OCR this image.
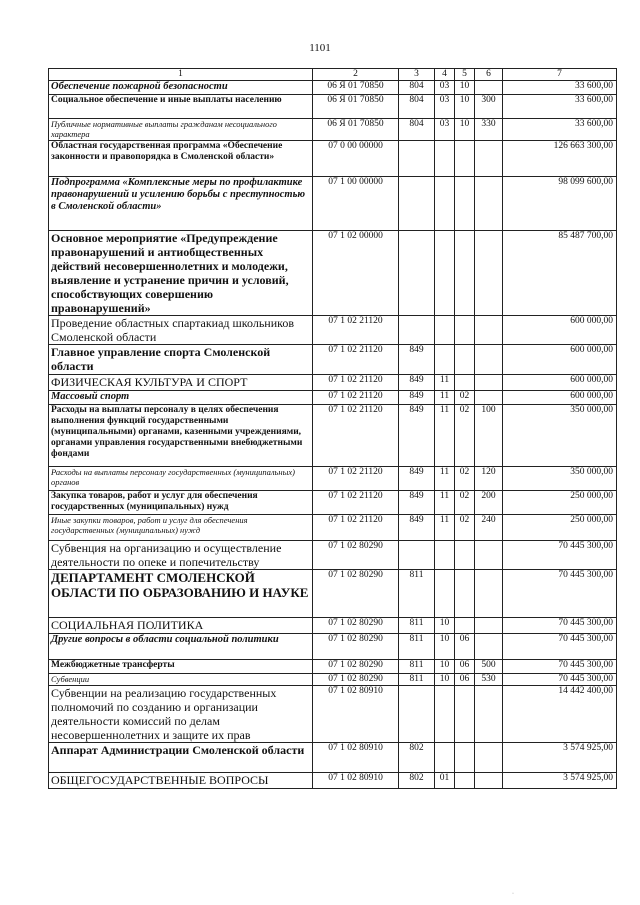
1101
1	2	3	4	5	6	7
Обеспечение пожарной безопасности	06 Я 01 70850	804	03	10		33 600,00
Социальное обеспечение и иные выплаты населению	06 Я 01 70850	804	03	10	300	33 600,00
Публичные нормативные выплаты гражданам несоциального характера	06 Я 01 70850	804	03	10	330	33 600,00
Областная государственная программа «Обеспечение законности и правопорядка в Смоленской области»	07 0 00 00000					126 663 300,00
Подпрограмма «Комплексные меры по профилактике правонарушений и усилению борьбы с преступностью в Смоленской области»	07 1 00 00000					98 099 600,00
Основное мероприятие «Предупреждение правонарушений и антиобщественных действий несовершеннолетних и молодежи, выявление и устранение причин и условий, способствующих совершению правонарушений»	07 1 02 00000					85 487 700,00
Проведение областных спартакиад школьников Смоленской области	07 1 02 21120					600 000,00
Главное управление спорта Смоленской области	07 1 02 21120	849				600 000,00
ФИЗИЧЕСКАЯ КУЛЬТУРА И СПОРТ	07 1 02 21120	849	11			600 000,00
Массовый спорт	07 1 02 21120	849	11	02		600 000,00
Расходы на выплаты персоналу в целях обеспечения выполнения функций государственными (муниципальными) органами, казенными учреждениями, органами управления государственными внебюджетными фондами	07 1 02 21120	849	11	02	100	350 000,00
Расходы на выплаты персоналу государственных (муниципальных) органов	07 1 02 21120	849	11	02	120	350 000,00
Закупка товаров, работ и услуг для обеспечения государственных (муниципальных) нужд	07 1 02 21120	849	11	02	200	250 000,00
Иные закупки товаров, работ и услуг для обеспечения государственных (муниципальных) нужд	07 1 02 21120	849	11	02	240	250 000,00
Субвенция на организацию и осуществление деятельности по опеке и попечительству	07 1 02 80290					70 445 300,00
ДЕПАРТАМЕНТ СМОЛЕНСКОЙ ОБЛАСТИ ПО ОБРАЗОВАНИЮ И НАУКЕ	07 1 02 80290	811				70 445 300,00
СОЦИАЛЬНАЯ ПОЛИТИКА	07 1 02 80290	811	10			70 445 300,00
Другие вопросы в области социальной политики	07 1 02 80290	811	10	06		70 445 300,00
Межбюджетные трансферты	07 1 02 80290	811	10	06	500	70 445 300,00
Субвенции	07 1 02 80290	811	10	06	530	70 445 300,00
Субвенции на реализацию государственных полномочий по созданию и организации деятельности комиссий по делам несовершеннолетних и защите их прав	07 1 02 80910					14 442 400,00
Аппарат Администрации Смоленской области	07 1 02 80910	802				3 574 925,00
ОБЩЕГОСУДАРСТВЕННЫЕ ВОПРОСЫ	07 1 02 80910	802	01			3 574 925,00
·
